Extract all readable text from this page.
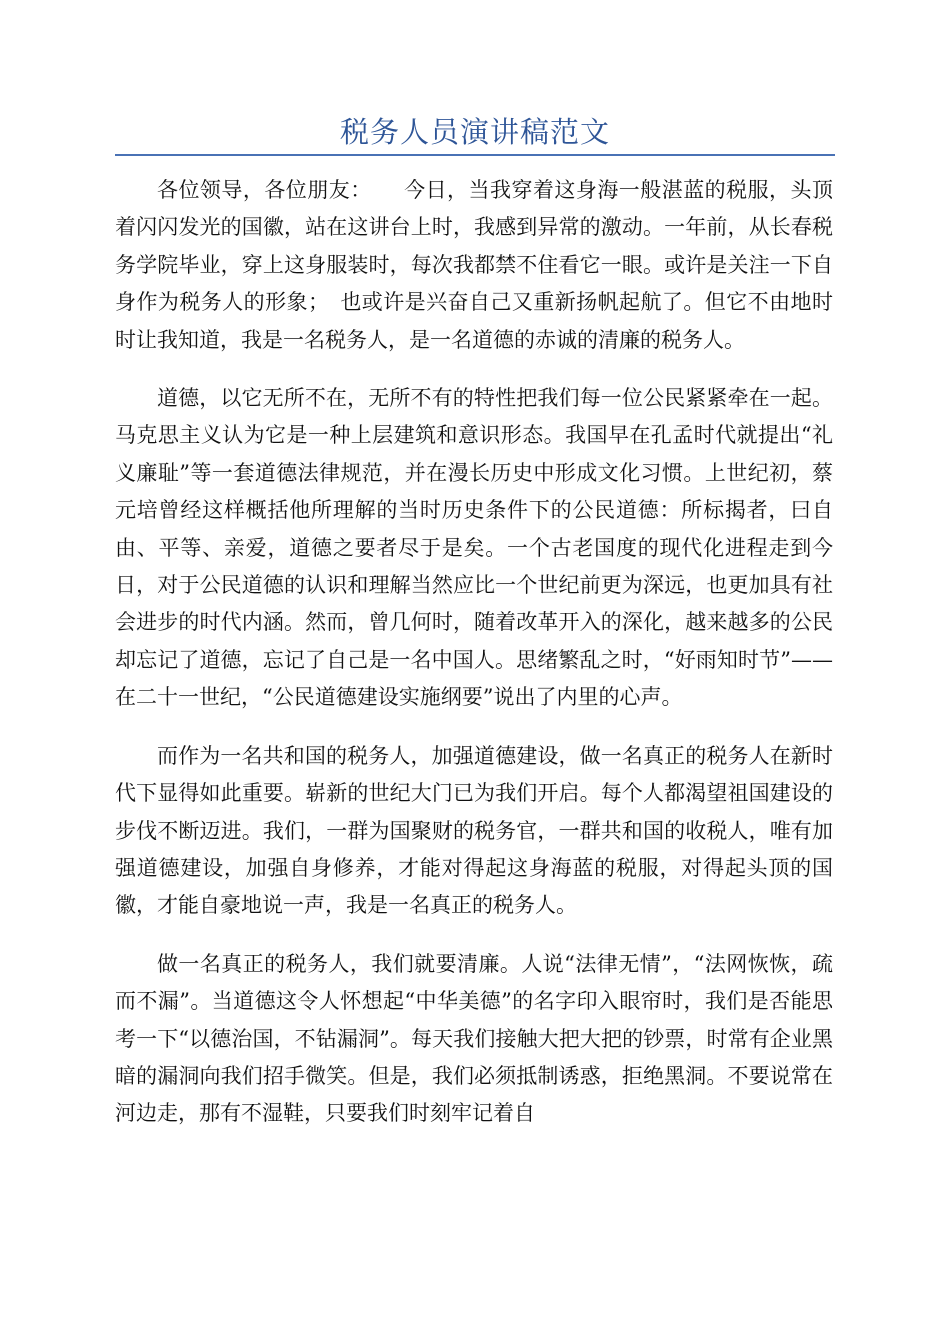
税务人员演讲稿范文

各位领导，各位朋友：　　今日，当我穿着这身海一般湛蓝的税服，头顶着闪闪发光的国徽，站在这讲台上时，我感到异常的激动。一年前，从长春税务学院毕业，穿上这身服装时，每次我都禁不住看它一眼。或许是关注一下自身作为税务人的形象；　也或许是兴奋自己又重新扬帆起航了。但它不由地时时让我知道，我是一名税务人，是一名道德的赤诚的清廉的税务人。

道德，以它无所不在，无所不有的特性把我们每一位公民紧紧牵在一起。马克思主义认为它是一种上层建筑和意识形态。我国早在孔孟时代就提出“礼义廉耻”等一套道德法律规范，并在漫长历史中形成文化习惯。上世纪初，蔡元培曾经这样概括他所理解的当时历史条件下的公民道德：所标揭者，曰自由、平等、亲爱，道德之要者尽于是矣。一个古老国度的现代化进程走到今日，对于公民道德的认识和理解当然应比一个世纪前更为深远，也更加具有社会进步的时代内涵。然而，曾几何时，随着改革开入的深化，越来越多的公民却忘记了道德，忘记了自己是一名中国人。思绪繁乱之时，“好雨知时节”——在二十一世纪，“公民道德建设实施纲要”说出了内里的心声。

而作为一名共和国的税务人，加强道德建设，做一名真正的税务人在新时代下显得如此重要。崭新的世纪大门已为我们开启。每个人都渴望祖国建设的步伐不断迈进。我们，一群为国聚财的税务官，一群共和国的收税人，唯有加强道德建设，加强自身修养，才能对得起这身海蓝的税服，对得起头顶的国徽，才能自豪地说一声，我是一名真正的税务人。

做一名真正的税务人，我们就要清廉。人说“法律无情”，“法网恢恢，疏而不漏”。当道德这令人怀想起“中华美德”的名字印入眼帘时，我们是否能思考一下“以德治国，不钻漏洞”。每天我们接触大把大把的钞票，时常有企业黑暗的漏洞向我们招手微笑。但是，我们必须抵制诱惑，拒绝黑洞。不要说常在河边走，那有不湿鞋，只要我们时刻牢记着自
